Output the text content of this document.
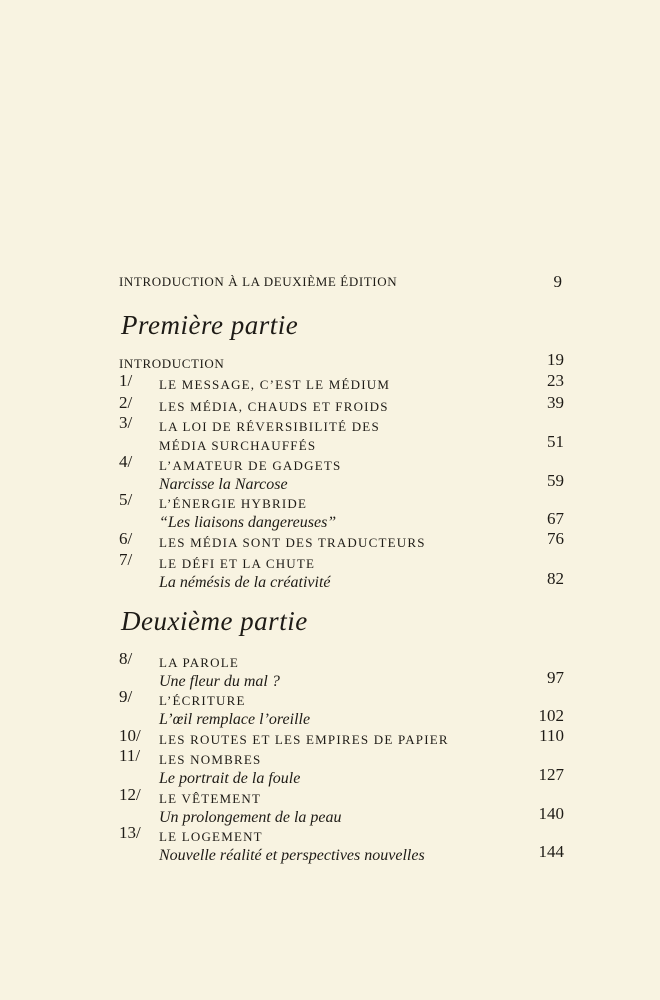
INTRODUCTION À LA DEUXIÈME ÉDITION	9
Première partie
INTRODUCTION	19
1/ LE MESSAGE, C’EST LE MÉDIUM	23
2/ LES MÉDIA, CHAUDS ET FROIDS	39
3/ LA LOI DE RÉVERSIBILITÉ DES
MÉDIA SURCHAUFFÉS	51
4/ L’AMATEUR DE GADGETS
Narcisse la Narcose	59
5/ L’ÉNERGIE HYBRIDE
“Les liaisons dangereuses”	67
6/ LES MÉDIA SONT DES TRADUCTEURS	76
7/ LE DÉFI ET LA CHUTE
La némésis de la créativité	82
Deuxième partie
8/ LA PAROLE
Une fleur du mal ?	97
9/ L’ÉCRITURE
L’œil remplace l’oreille	102
10/ LES ROUTES ET LES EMPIRES DE PAPIER	110
11/ LES NOMBRES
Le portrait de la foule	127
12/ LE VÊTEMENT
Un prolongement de la peau	140
13/ LE LOGEMENT
Nouvelle réalité et perspectives nouvelles	144
